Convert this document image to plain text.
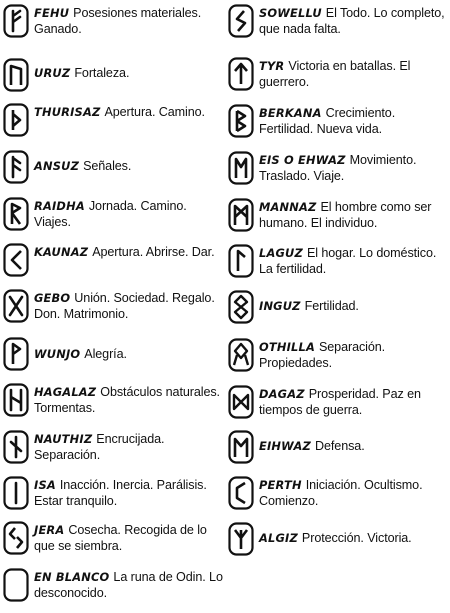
FEHU Posesiones materiales. Ganado.
URUZ Fortaleza.
THURISAZ Apertura. Camino.
ANSUZ Señales.
RAIDHA Jornada. Camino. Viajes.
KAUNAZ Apertura. Abrirse. Dar.
GEBO Unión. Sociedad. Regalo. Don. Matrimonio.
WUNJO Alegría.
HAGALAZ Obstáculos naturales. Tormentas.
NAUTHIZ Encrucijada. Separación.
ISA Inacción. Inercia. Parálisis. Estar tranquilo.
JERA Cosecha. Recogida de lo que se siembra.
EN BLANCO La runa de Odin. Lo desconocido.
SOWELLU El Todo. Lo completo, que nada falta.
TYR Victoria en batallas. El guerrero.
BERKANA Crecimiento. Fertilidad. Nueva vida.
EIS O EHWAZ Movimiento. Traslado. Viaje.
MANNAZ El hombre como ser humano. El individuo.
LAGUZ El hogar. Lo doméstico. La fertilidad.
INGUZ Fertilidad.
OTHILLA Separación. Propiedades.
DAGAZ Prosperidad. Paz en tiempos de guerra.
EIHWAZ Defensa.
PERTH Iniciación. Ocultismo. Comienzo.
ALGIZ Protección. Victoria.
